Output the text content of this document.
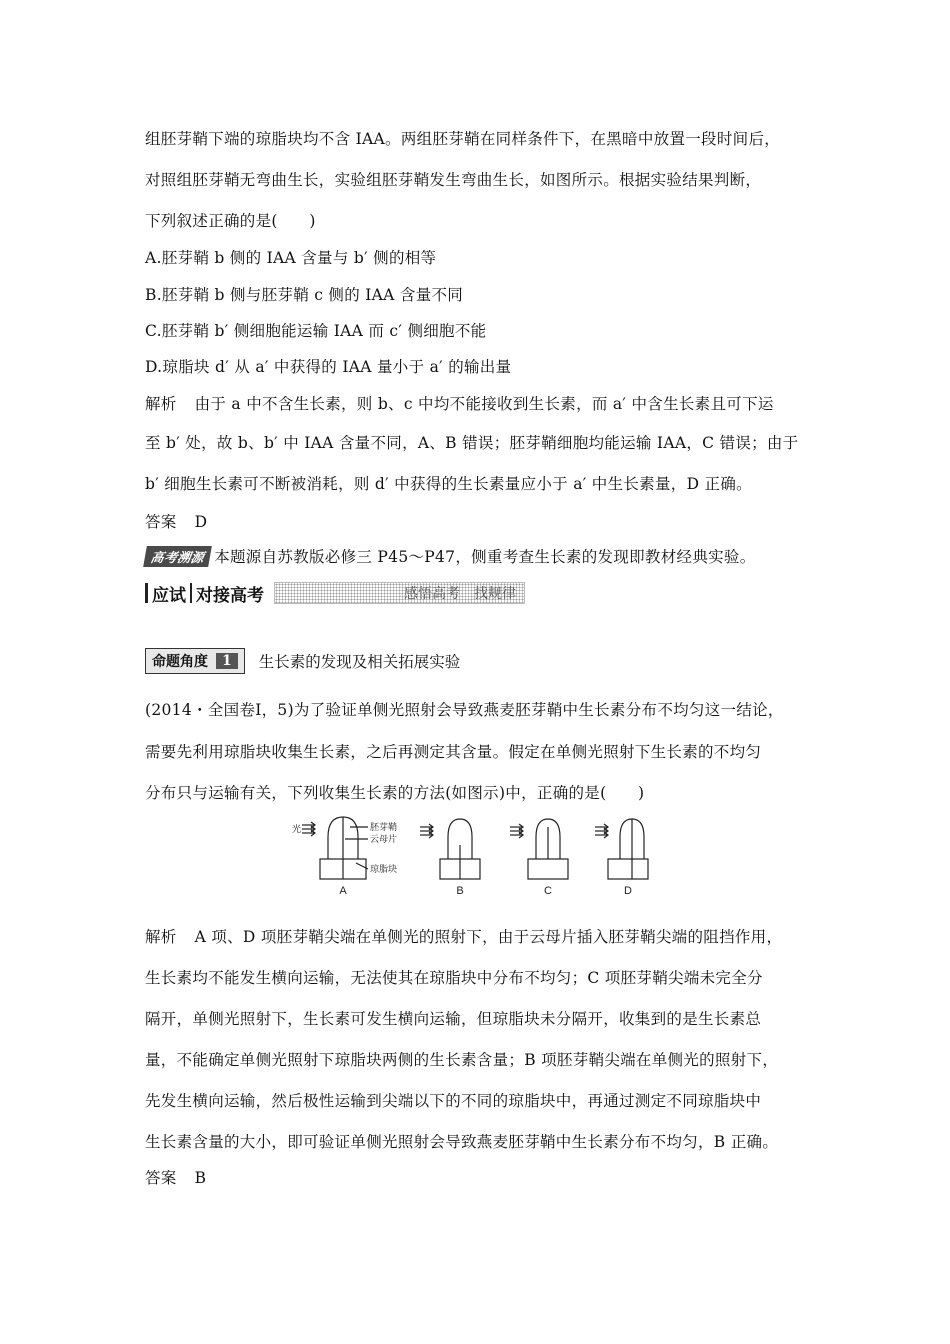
组胚芽鞘下端的琼脂块均不含 IAA。两组胚芽鞘在同样条件下，在黑暗中放置一段时间后，
对照组胚芽鞘无弯曲生长，实验组胚芽鞘发生弯曲生长，如图所示。根据实验结果判断，
下列叙述正确的是(　　)
A.胚芽鞘 b 侧的 IAA 含量与 b′ 侧的相等
B.胚芽鞘 b 侧与胚芽鞘 c 侧的 IAA 含量不同
C.胚芽鞘 b′ 侧细胞能运输 IAA 而 c′ 侧细胞不能
D.琼脂块 d′ 从 a′ 中获得的 IAA 量小于 a′ 的输出量
解析 由于 a 中不含生长素，则 b、c 中均不能接收到生长素，而 a′ 中含生长素且可下运
至 b′ 处，故 b、b′ 中 IAA 含量不同，A、B 错误；胚芽鞘细胞均能运输 IAA，C 错误；由于
b′ 细胞生长素可不断被消耗，则 d′ 中获得的生长素量应小于 a′ 中生长素量，D 正确。
答案 D
高考溯源 本题源自苏教版必修三 P45～P47，侧重考查生长素的发现即教材经典实验。
应试 对接高考	感悟高考　找规律
命题角度	1	生长素的发现及相关拓展实验
(2014・全国卷Ⅰ，5)为了验证单侧光照射会导致燕麦胚芽鞘中生长素分布不均匀这一结论，
需要先利用琼脂块收集生长素，之后再测定其含量。假定在单侧光照射下生长素的不均匀
分布只与运输有关，下列收集生长素的方法(如图示)中，正确的是(　　)
光	胚芽鞘
云母片
琼脂块
A	B	C	D
解析 A 项、D 项胚芽鞘尖端在单侧光的照射下，由于云母片插入胚芽鞘尖端的阻挡作用，
生长素均不能发生横向运输，无法使其在琼脂块中分布不均匀；C 项胚芽鞘尖端未完全分
隔开，单侧光照射下，生长素可发生横向运输，但琼脂块未分隔开，收集到的是生长素总
量，不能确定单侧光照射下琼脂块两侧的生长素含量；B 项胚芽鞘尖端在单侧光的照射下，
先发生横向运输，然后极性运输到尖端以下的不同的琼脂块中，再通过测定不同琼脂块中
生长素含量的大小，即可验证单侧光照射会导致燕麦胚芽鞘中生长素分布不均匀，B 正确。
答案 B
